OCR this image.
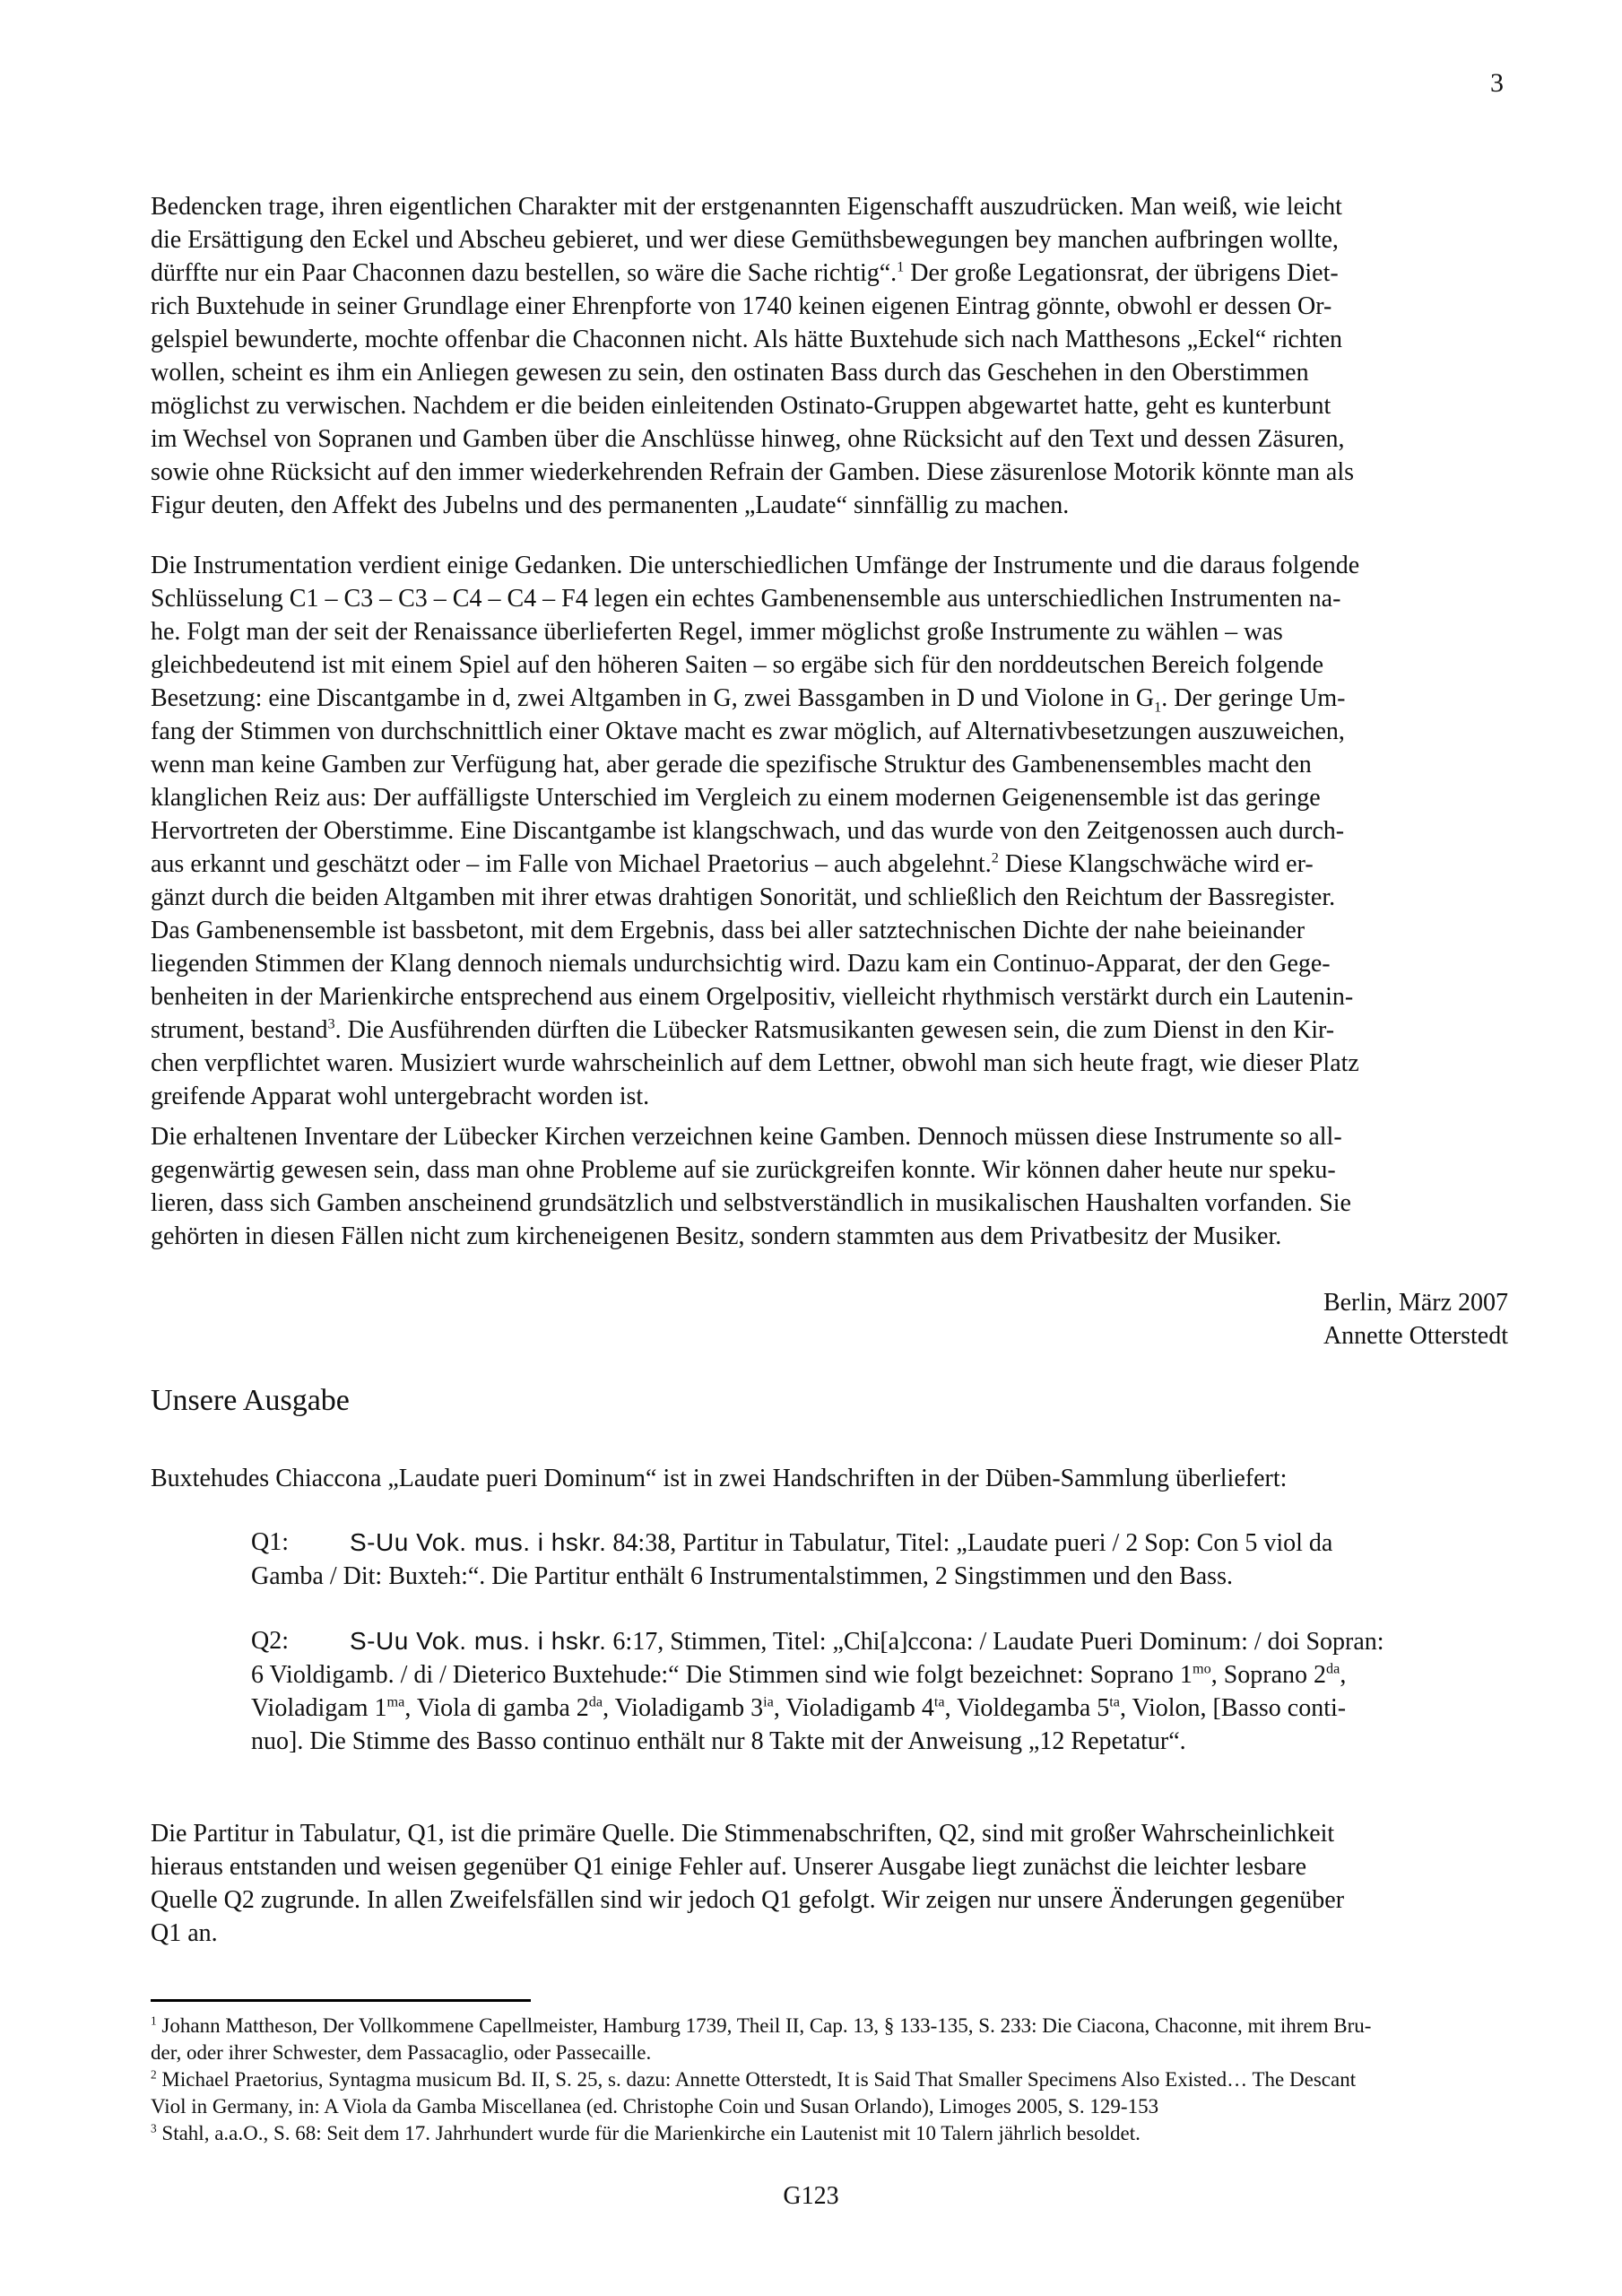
3

Bedencken trage, ihren eigentlichen Charakter mit der erstgenannten Eigenschafft auszudrücken. Man weiß, wie leicht
die Ersättigung den Eckel und Abscheu gebieret, und wer diese Gemüthsbewegungen bey manchen aufbringen wollte,
dürffte nur ein Paar Chaconnen dazu bestellen, so wäre die Sache richtig“.$^1$ Der große Legationsrat, der übrigens Diet-
rich Buxtehude in seiner Grundlage einer Ehrenpforte von 1740 keinen eigenen Eintrag gönnte, obwohl er dessen Or-
gelspiel bewunderte, mochte offenbar die Chaconnen nicht. Als hätte Buxtehude sich nach Matthesons „Eckel“ richten
wollen, scheint es ihm ein Anliegen gewesen zu sein, den ostinaten Bass durch das Geschehen in den Oberstimmen
möglichst zu verwischen. Nachdem er die beiden einleitenden Ostinato-Gruppen abgewartet hatte, geht es kunterbunt
im Wechsel von Sopranen und Gamben über die Anschlüsse hinweg, ohne Rücksicht auf den Text und dessen Zäsuren,
sowie ohne Rücksicht auf den immer wiederkehrenden Refrain der Gamben. Diese zäsurenlose Motorik könnte man als
Figur deuten, den Affekt des Jubelns und des permanenten „Laudate“ sinnfällig zu machen.

Die Instrumentation verdient einige Gedanken. Die unterschiedlichen Umfänge der Instrumente und die daraus folgende
Schlüsselung C1 – C3 – C3 – C4 – C4 – F4 legen ein echtes Gambenensemble aus unterschiedlichen Instrumenten na-
he. Folgt man der seit der Renaissance überlieferten Regel, immer möglichst große Instrumente zu wählen – was
gleichbedeutend ist mit einem Spiel auf den höheren Saiten – so ergäbe sich für den norddeutschen Bereich folgende
Besetzung: eine Discantgambe in d, zwei Altgamben in G, zwei Bassgamben in D und Violone in $G_1$. Der geringe Um-
fang der Stimmen von durchschnittlich einer Oktave macht es zwar möglich, auf Alternativbesetzungen auszuweichen,
wenn man keine Gamben zur Verfügung hat, aber gerade die spezifische Struktur des Gambenensembles macht den
klanglichen Reiz aus: Der auffälligste Unterschied im Vergleich zu einem modernen Geigenensemble ist das geringe
Hervortreten der Oberstimme. Eine Discantgambe ist klangschwach, und das wurde von den Zeitgenossen auch durch-
aus erkannt und geschätzt oder – im Falle von Michael Praetorius – auch abgelehnt.$^2$ Diese Klangschwäche wird er-
gänzt durch die beiden Altgamben mit ihrer etwas drahtigen Sonorität, und schließlich den Reichtum der Bassregister.
Das Gambenensemble ist bassbetont, mit dem Ergebnis, dass bei aller satztechnischen Dichte der nahe beieinander
liegenden Stimmen der Klang dennoch niemals undurchsichtig wird. Dazu kam ein Continuo-Apparat, der den Gege-
benheiten in der Marienkirche entsprechend aus einem Orgelpositiv, vielleicht rhythmisch verstärkt durch ein Lautenin-
strument, bestand$^3$. Die Ausführenden dürften die Lübecker Ratsmusikanten gewesen sein, die zum Dienst in den Kir-
chen verpflichtet waren. Musiziert wurde wahrscheinlich auf dem Lettner, obwohl man sich heute fragt, wie dieser Platz
greifende Apparat wohl untergebracht worden ist.

Die erhaltenen Inventare der Lübecker Kirchen verzeichnen keine Gamben. Dennoch müssen diese Instrumente so all-
gegenwärtig gewesen sein, dass man ohne Probleme auf sie zurückgreifen konnte. Wir können daher heute nur speku-
lieren, dass sich Gamben anscheinend grundsätzlich und selbstverständlich in musikalischen Haushalten vorfanden. Sie
gehörten in diesen Fällen nicht zum kircheneigenen Besitz, sondern stammten aus dem Privatbesitz der Musiker.

Berlin, März 2007
Annette Otterstedt
Unsere Ausgabe

Buxtehudes Chiaccona „Laudate pueri Dominum“ ist in zwei Handschriften in der Düben-Sammlung überliefert:

Q1: S-Uu Vok. mus. i hskr. 84:38, Partitur in Tabulatur, Titel: „Laudate pueri / 2 Sop: Con 5 viol da
Gamba / Dit: Buxteh:“. Die Partitur enthält 6 Instrumentalstimmen, 2 Singstimmen und den Bass.
Q2: S-Uu Vok. mus. i hskr. 6:17, Stimmen, Titel: „Chi[a]ccona: / Laudate Pueri Dominum: / doi Sopran:
6 Violdigamb. / di / Dieterico Buxtehude:“ Die Stimmen sind wie folgt bezeichnet: Soprano $1^{mo}$, Soprano $2^{da}$,
Violadigam $1^{ma}$, Viola di gamba $2^{da}$, Violadigamb $3^{ia}$, Violadigamb $4^{ta}$, Violdegamba $5^{ta}$, Violon, [Basso conti-
nuo]. Die Stimme des Basso continuo enthält nur 8 Takte mit der Anweisung „12 Repetatur“.

Die Partitur in Tabulatur, Q1, ist die primäre Quelle. Die Stimmenabschriften, Q2, sind mit großer Wahrscheinlichkeit
hieraus entstanden und weisen gegenüber Q1 einige Fehler auf. Unserer Ausgabe liegt zunächst die leichter lesbare
Quelle Q2 zugrunde. In allen Zweifelsfällen sind wir jedoch Q1 gefolgt. Wir zeigen nur unsere Änderungen gegenüber
Q1 an.

$^1$ Johann Mattheson, Der Vollkommene Capellmeister, Hamburg 1739, Theil II, Cap. 13, § 133-135, S. 233: Die Ciacona, Chaconne, mit ihrem Bru-
der, oder ihrer Schwester, dem Passacaglio, oder Passecaille.

$^2$ Michael Praetorius, Syntagma musicum Bd. II, S. 25, s. dazu: Annette Otterstedt, It is Said That Smaller Specimens Also Existed… The Descant
Viol in Germany, in: A Viola da Gamba Miscellanea (ed. Christophe Coin und Susan Orlando), Limoges 2005, S. 129-153

$^3$ Stahl, a.a.O., S. 68: Seit dem 17. Jahrhundert wurde für die Marienkirche ein Lautenist mit 10 Talern jährlich besoldet.

G123
